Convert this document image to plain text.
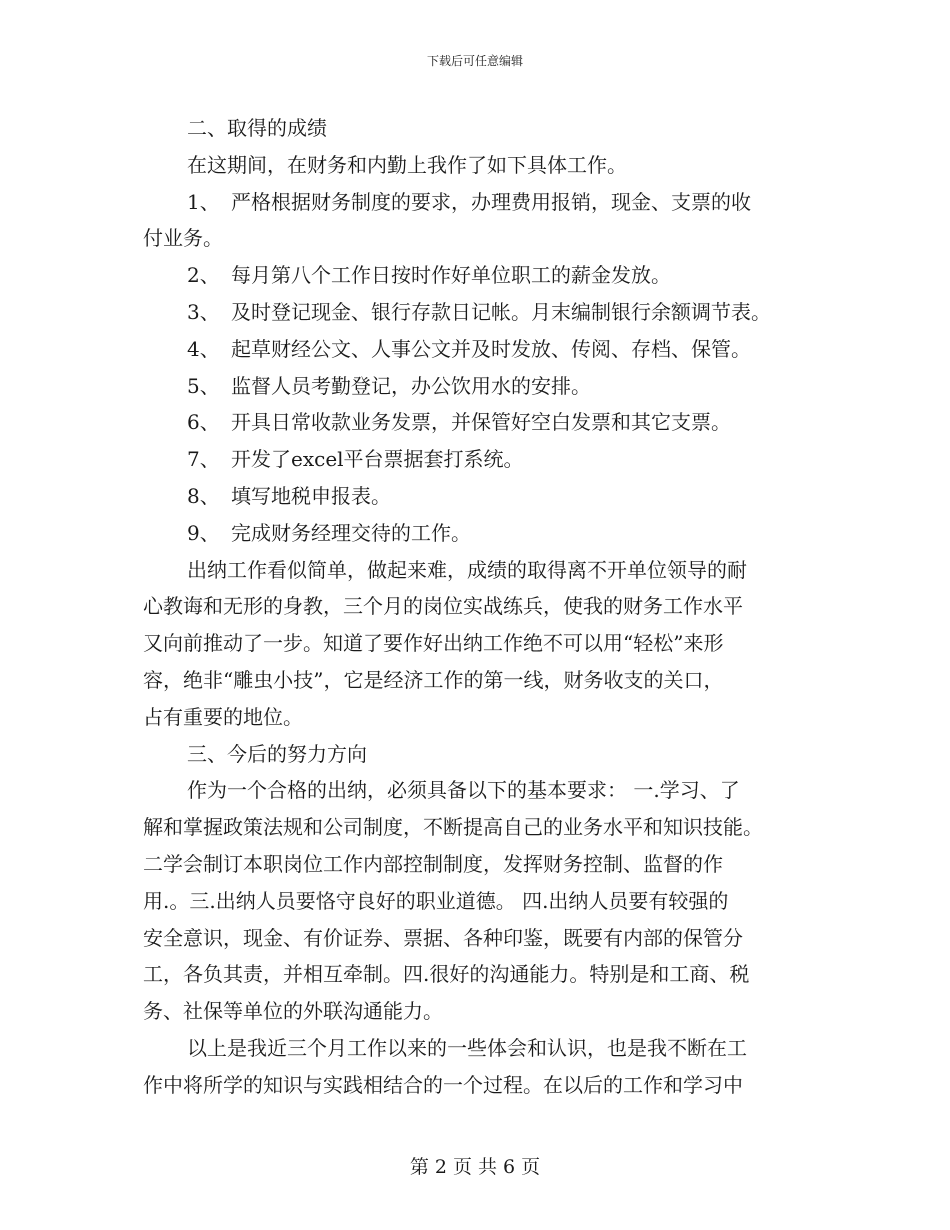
下载后可任意编辑

二、取得的成绩

在这期间，在财务和内勤上我作了如下具体工作。

1、 严格根据财务制度的要求，办理费用报销，现金、支票的收

付业务。

2、 每月第八个工作日按时作好单位职工的薪金发放。

3、 及时登记现金、银行存款日记帐。月末编制银行余额调节表。

4、 起草财经公文、人事公文并及时发放、传阅、存档、保管。

5、 监督人员考勤登记，办公饮用水的安排。

6、 开具日常收款业务发票，并保管好空白发票和其它支票。

7、 开发了excel平台票据套打系统。

8、 填写地税申报表。

9、 完成财务经理交待的工作。

出纳工作看似简单，做起来难，成绩的取得离不开单位领导的耐

心教诲和无形的身教，三个月的岗位实战练兵，使我的财务工作水平

又向前推动了一步。知道了要作好出纳工作绝不可以用“轻松”来形

容，绝非“雕虫小技”，它是经济工作的第一线，财务收支的关口，

占有重要的地位。

三、今后的努力方向

作为一个合格的出纳，必须具备以下的基本要求： 一.学习、了

解和掌握政策法规和公司制度，不断提高自己的业务水平和知识技能。

二学会制订本职岗位工作内部控制制度，发挥财务控制、监督的作

用.。三.出纳人员要恪守良好的职业道德。 四.出纳人员要有较强的

安全意识，现金、有价证券、票据、各种印鉴，既要有内部的保管分

工，各负其责，并相互牵制。四.很好的沟通能力。特别是和工商、税

务、社保等单位的外联沟通能力。

以上是我近三个月工作以来的一些体会和认识，也是我不断在工

作中将所学的知识与实践相结合的一个过程。在以后的工作和学习中

第 2 页 共 6 页
